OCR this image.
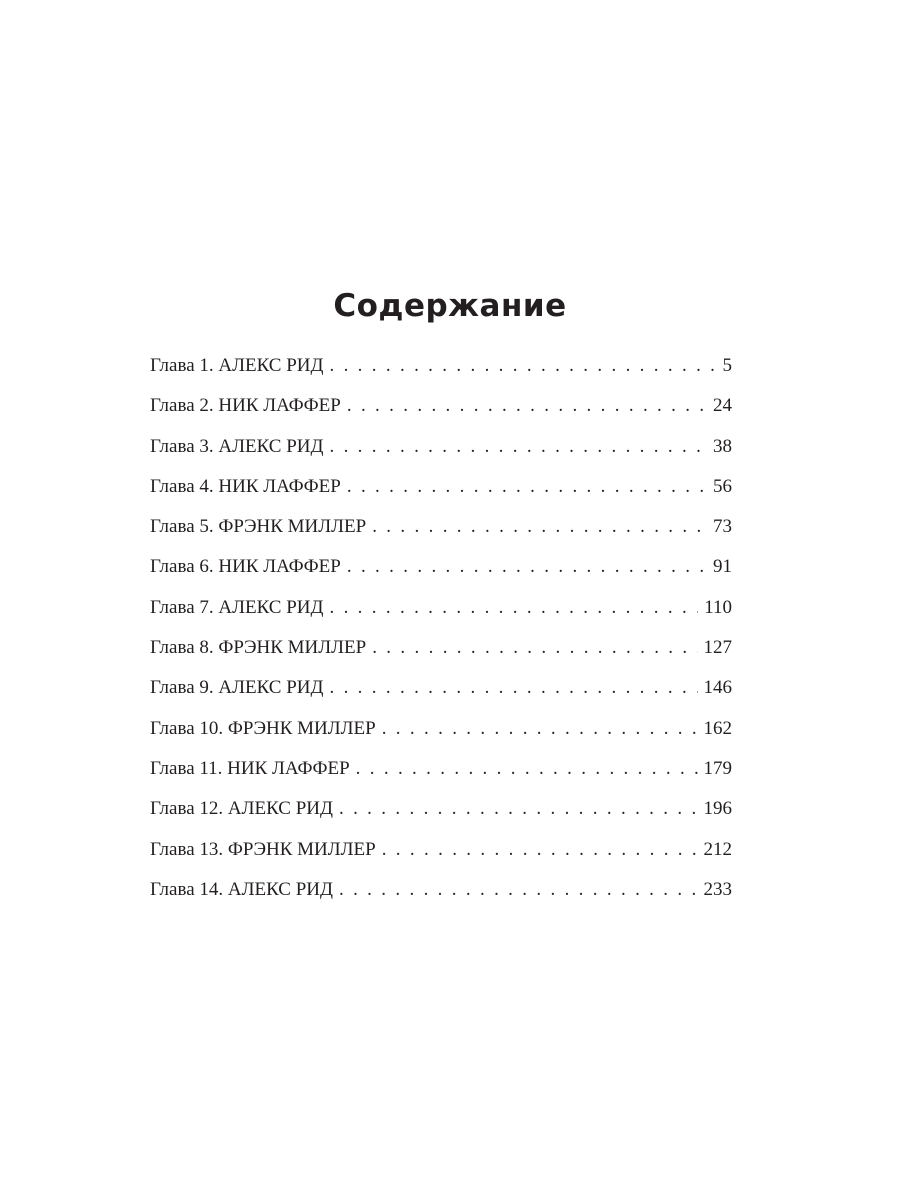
Содержание
Глава 1. АЛЕКС РИД . . .	5
Глава 2. НИК ЛАФФЕР . . .	24
Глава 3. АЛЕКС РИД . . .	38
Глава 4. НИК ЛАФФЕР . . .	56
Глава 5. ФРЭНК МИЛЛЕР . . .	73
Глава 6. НИК ЛАФФЕР . . .	91
Глава 7. АЛЕКС РИД . . .	110
Глава 8. ФРЭНК МИЛЛЕР . . .	127
Глава 9. АЛЕКС РИД . . .	146
Глава 10. ФРЭНК МИЛЛЕР . . .	162
Глава 11. НИК ЛАФФЕР . . .	179
Глава 12. АЛЕКС РИД . . .	196
Глава 13. ФРЭНК МИЛЛЕР . . .	212
Глава 14. АЛЕКС РИД . . .	233
